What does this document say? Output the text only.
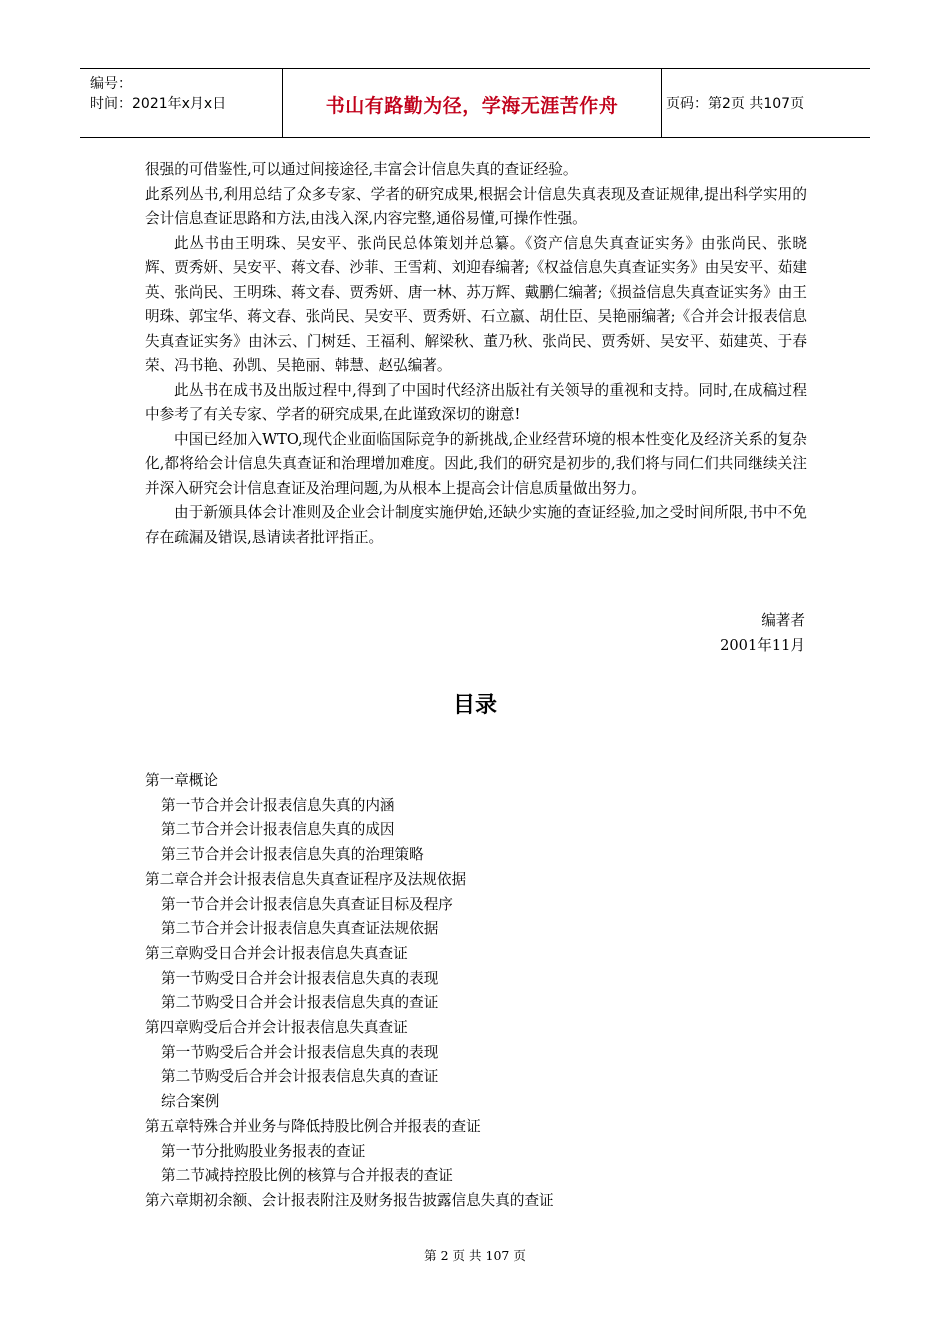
编号：
时间：2021年x月x日	书山有路勤为径，学海无涯苦作舟	页码：第2页 共107页

很强的可借鉴性,可以通过间接途径,丰富会计信息失真的查证经验。

此系列丛书,利用总结了众多专家、学者的研究成果,根据会计信息失真表现及查证规律,提出科学实用的会计信息查证思路和方法,由浅入深,内容完整,通俗易懂,可操作性强。

此丛书由王明珠、吴安平、张尚民总体策划并总纂。《资产信息失真查证实务》由张尚民、张晓辉、贾秀妍、吴安平、蒋文春、沙菲、王雪莉、刘迎春编著;《权益信息失真查证实务》由吴安平、茹建英、张尚民、王明珠、蒋文春、贾秀妍、唐一林、苏万辉、戴鹏仁编著;《损益信息失真查证实务》由王明珠、郭宝华、蒋文春、张尚民、吴安平、贾秀妍、石立嬴、胡仕臣、吴艳丽编著;《合并会计报表信息失真查证实务》由沐云、门树廷、王福利、解梁秋、董乃秋、张尚民、贾秀妍、吴安平、茹建英、于春荣、冯书艳、孙凯、吴艳丽、韩慧、赵弘编著。

此丛书在成书及出版过程中,得到了中国时代经济出版社有关领导的重视和支持。同时,在成稿过程中参考了有关专家、学者的研究成果,在此谨致深切的谢意!

中国已经加入WTO,现代企业面临国际竞争的新挑战,企业经营环境的根本性变化及经济关系的复杂化,都将给会计信息失真查证和治理增加难度。因此,我们的研究是初步的,我们将与同仁们共同继续关注并深入研究会计信息查证及治理问题,为从根本上提高会计信息质量做出努力。

由于新颁具体会计准则及企业会计制度实施伊始,还缺少实施的查证经验,加之受时间所限,书中不免存在疏漏及错误,恳请读者批评指正。

编著者
2001年11月
目录
第一章概论
第一节合并会计报表信息失真的内涵
第二节合并会计报表信息失真的成因
第三节合并会计报表信息失真的治理策略
第二章合并会计报表信息失真查证程序及法规依据
第一节合并会计报表信息失真查证目标及程序
第二节合并会计报表信息失真查证法规依据
第三章购受日合并会计报表信息失真查证
第一节购受日合并会计报表信息失真的表现
第二节购受日合并会计报表信息失真的查证
第四章购受后合并会计报表信息失真查证
第一节购受后合并会计报表信息失真的表现
第二节购受后合并会计报表信息失真的查证
综合案例
第五章特殊合并业务与降低持股比例合并报表的查证
第一节分批购股业务报表的查证
第二节减持控股比例的核算与合并报表的查证
第六章期初余额、会计报表附注及财务报告披露信息失真的查证
第 2 页 共 107 页
